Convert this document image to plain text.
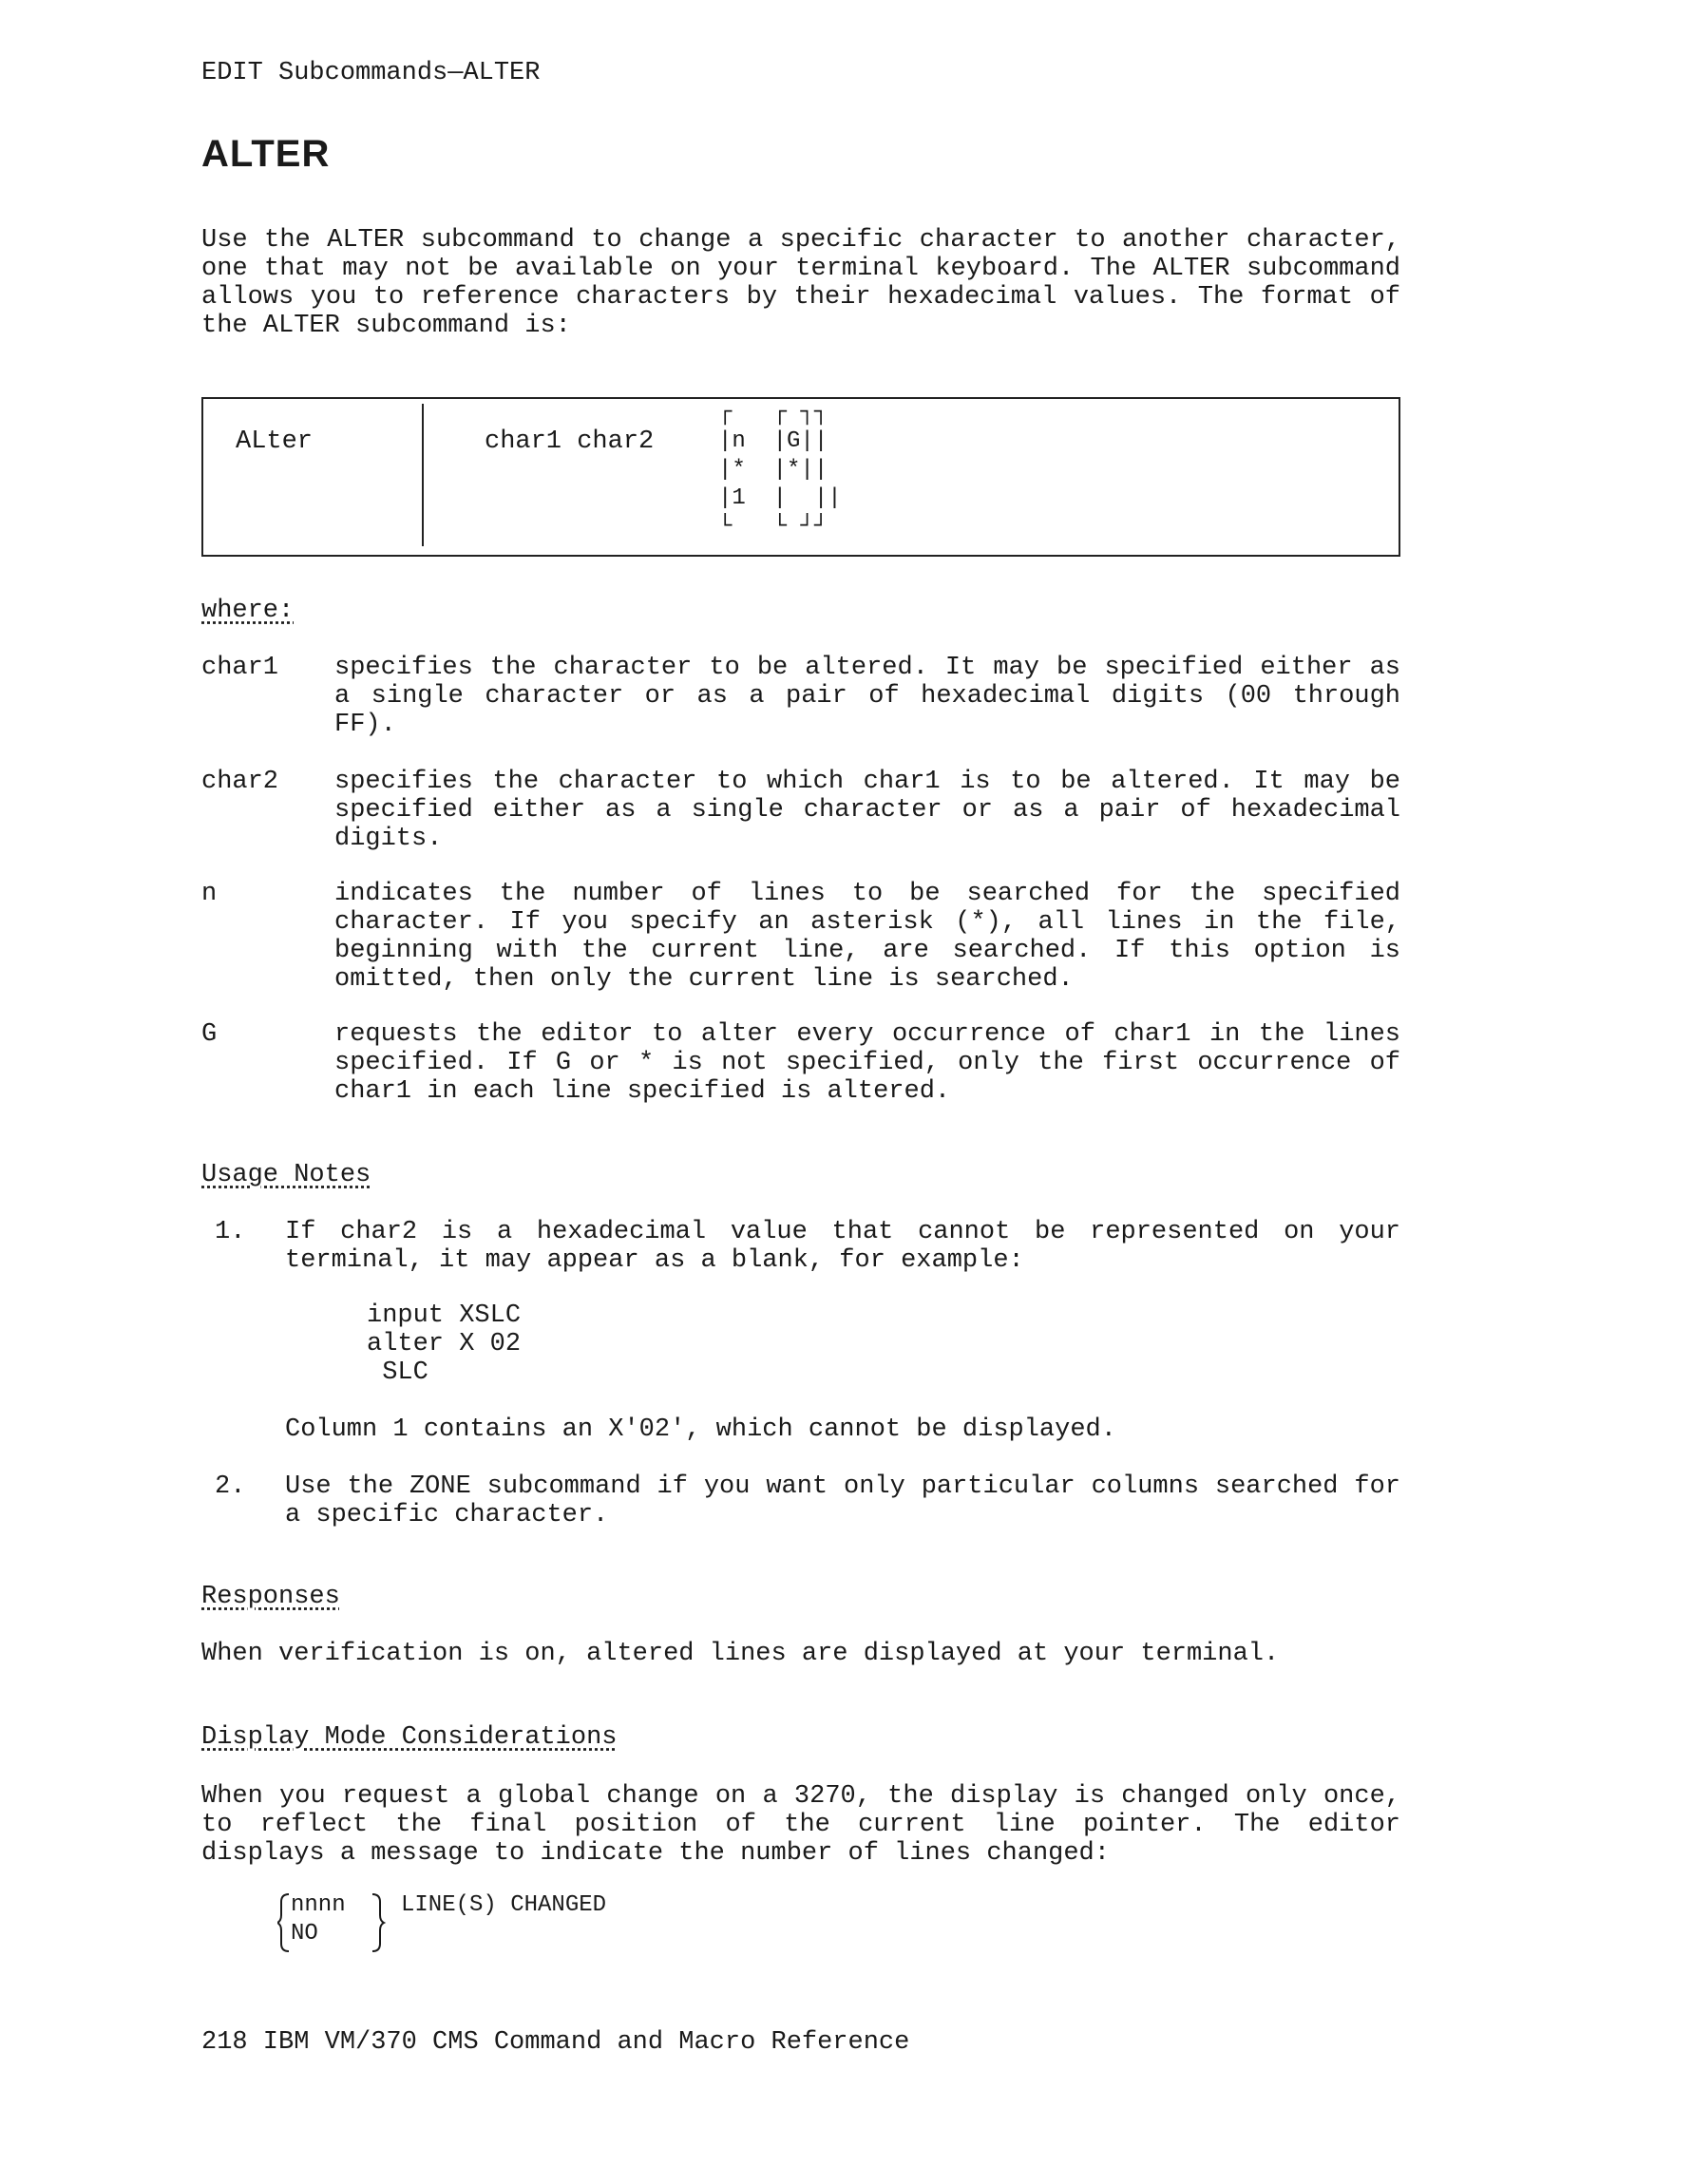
EDIT Subcommands—ALTER
ALTER
Use the ALTER subcommand to change a specific character to another character, one that may not be available on your terminal keyboard. The ALTER subcommand allows you to reference characters by their hexadecimal values. The format of the ALTER subcommand is:
ALter	char1 char2
┌   ┌ ┐┐
|n  |G||
|*  |*||
|1  |  ||
└   └ ┘┘
where:
char1	specifies the character to be altered. It may be specified either as a single character or as a pair of hexadecimal digits (00 through FF).
char2	specifies the character to which char1 is to be altered. It may be specified either as a single character or as a pair of hexadecimal digits.
n	indicates the number of lines to be searched for the specified character. If you specify an asterisk (*), all lines in the file, beginning with the current line, are searched. If this option is omitted, then only the current line is searched.
G	requests the editor to alter every occurrence of char1 in the lines specified. If G or * is not specified, only the first occurrence of char1 in each line specified is altered.
Usage Notes
1.	If char2 is a hexadecimal value that cannot be represented on your terminal, it may appear as a blank, for example:
input XSLC
alter X 02
SLC
Column 1 contains an X'02', which cannot be displayed.
2.	Use the ZONE subcommand if you want only particular columns searched for a specific character.
Responses
When verification is on, altered lines are displayed at your terminal.
Display Mode Considerations
When you request a global change on a 3270, the display is changed only once, to reflect the final position of the current line pointer. The editor displays a message to indicate the number of lines changed:
nnnn
NO
LINE(S) CHANGED
218 IBM VM/370 CMS Command and Macro Reference
